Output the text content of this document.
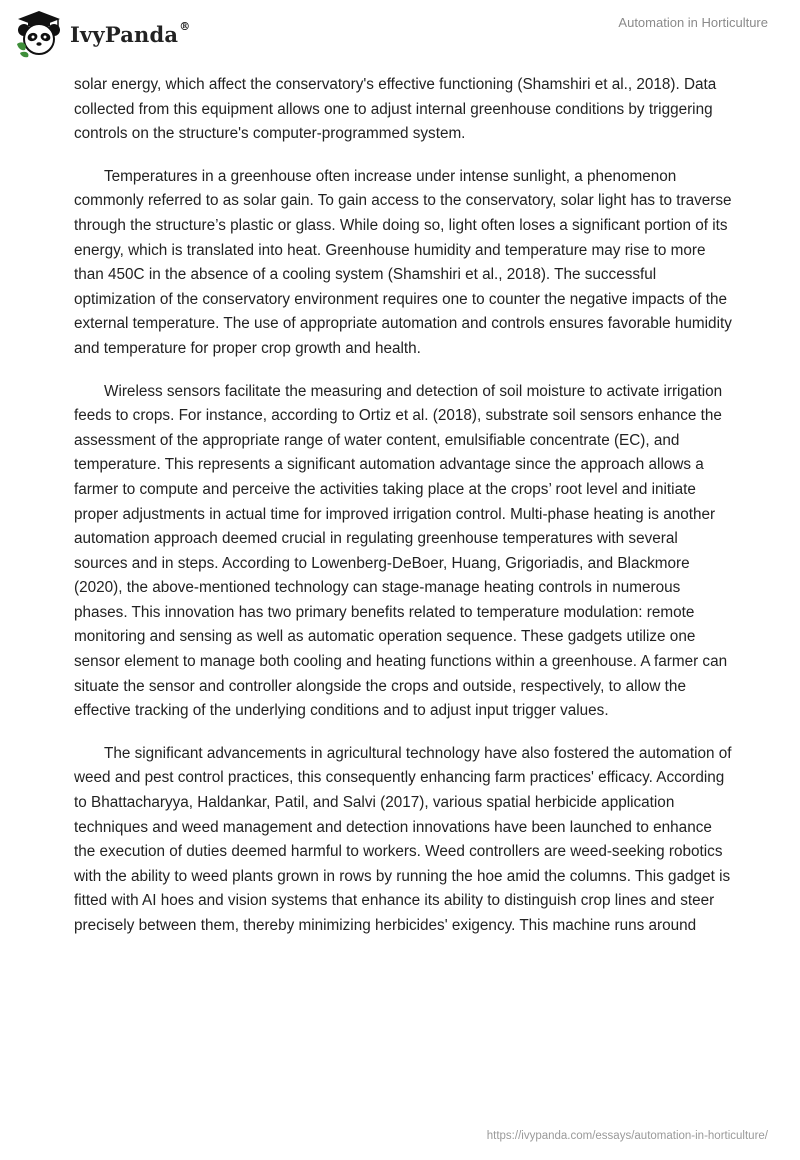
IvyPanda®	Automation in Horticulture

solar energy, which affect the conservatory's effective functioning (Shamshiri et al., 2018). Data collected from this equipment allows one to adjust internal greenhouse conditions by triggering controls on the structure's computer-programmed system.

Temperatures in a greenhouse often increase under intense sunlight, a phenomenon commonly referred to as solar gain. To gain access to the conservatory, solar light has to traverse through the structure’s plastic or glass. While doing so, light often loses a significant portion of its energy, which is translated into heat. Greenhouse humidity and temperature may rise to more than 450C in the absence of a cooling system (Shamshiri et al., 2018). The successful optimization of the conservatory environment requires one to counter the negative impacts of the external temperature. The use of appropriate automation and controls ensures favorable humidity and temperature for proper crop growth and health.

Wireless sensors facilitate the measuring and detection of soil moisture to activate irrigation feeds to crops. For instance, according to Ortiz et al. (2018), substrate soil sensors enhance the assessment of the appropriate range of water content, emulsifiable concentrate (EC), and temperature. This represents a significant automation advantage since the approach allows a farmer to compute and perceive the activities taking place at the crops’ root level and initiate proper adjustments in actual time for improved irrigation control. Multi-phase heating is another automation approach deemed crucial in regulating greenhouse temperatures with several sources and in steps. According to Lowenberg-DeBoer, Huang, Grigoriadis, and Blackmore (2020), the above-mentioned technology can stage-manage heating controls in numerous phases. This innovation has two primary benefits related to temperature modulation: remote monitoring and sensing as well as automatic operation sequence. These gadgets utilize one sensor element to manage both cooling and heating functions within a greenhouse. A farmer can situate the sensor and controller alongside the crops and outside, respectively, to allow the effective tracking of the underlying conditions and to adjust input trigger values.

The significant advancements in agricultural technology have also fostered the automation of weed and pest control practices, this consequently enhancing farm practices' efficacy. According to Bhattacharyya, Haldankar, Patil, and Salvi (2017), various spatial herbicide application techniques and weed management and detection innovations have been launched to enhance the execution of duties deemed harmful to workers. Weed controllers are weed-seeking robotics with the ability to weed plants grown in rows by running the hoe amid the columns. This gadget is fitted with AI hoes and vision systems that enhance its ability to distinguish crop lines and steer precisely between them, thereby minimizing herbicides' exigency. This machine runs around

https://ivypanda.com/essays/automation-in-horticulture/
